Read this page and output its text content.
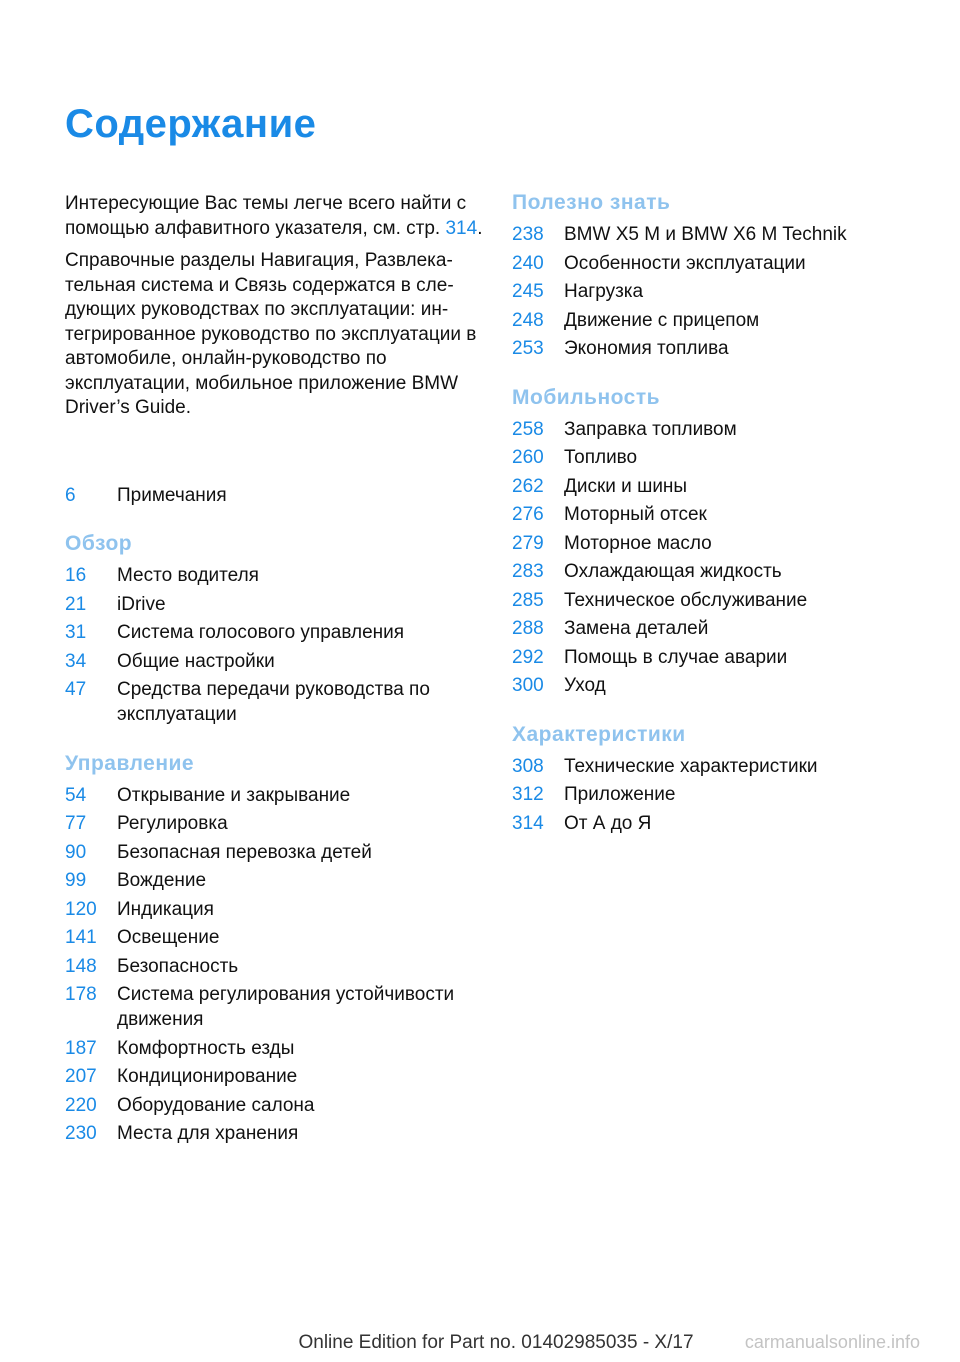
Содержание

Интересующие Вас темы легче всего найти с помощью алфавитного указателя, см. стр. 314.

Справочные разделы Навигация, Развлекательная система и Связь содержатся в следующих руководствах по эксплуатации: интегрированное руководство по эксплуатации в автомобиле, онлайн-руководство по эксплуатации, мобильное приложение BMW Driver’s Guide.

6	Примечания
Обзор
16	Место водителя
21	iDrive
31	Система голосового управления
34	Общие настройки
47	Средства передачи руководства по эксплуатации
Управление
54	Открывание и закрывание
77	Регулировка
90	Безопасная перевозка детей
99	Вождение
120	Индикация
141	Освещение
148	Безопасность
178	Система регулирования устойчивости движения
187	Комфортность езды
207	Кондиционирование
220	Оборудование салона
230	Места для хранения
Полезно знать
238	BMW X5 M и BMW X6 M Technik
240	Особенности эксплуатации
245	Нагрузка
248	Движение с прицепом
253	Экономия топлива
Мобильность
258	Заправка топливом
260	Топливо
262	Диски и шины
276	Моторный отсек
279	Моторное масло
283	Охлаждающая жидкость
285	Техническое обслуживание
288	Замена деталей
292	Помощь в случае аварии
300	Уход
Характеристики
308	Технические характеристики
312	Приложение
314	От А до Я
Online Edition for Part no. 01402985035 - X/17	carmanualsonline.info
